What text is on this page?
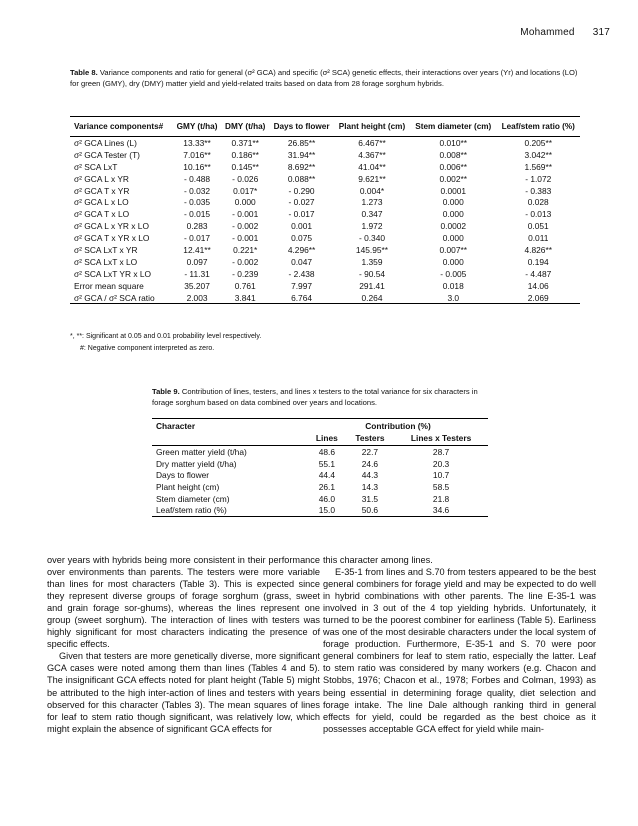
Mohammed 317
Table 8. Variance components and ratio for general (σ² GCA) and specific (σ² SCA) genetic effects, their interactions over years (Yr) and locations (LO) for green (GMY), dry (DMY) matter yield and yield-related traits based on data from 28 forage sorghum hybrids.
Variance components#	GMY (t/ha)	DMY (t/ha)	Days to flower	Plant height (cm)	Stem diameter (cm)	Leaf/stem ratio (%)
σ² GCA Lines (L)	13.33**	0.371**	26.85**	6.467**	0.010**	0.205**
σ² GCA Tester (T)	7.016**	0.186**	31.94**	4.367**	0.008**	3.042**
σ² SCA LxT	10.16**	0.145**	8.692**	41.04**	0.006**	1.569**
σ² GCA L x YR	- 0.488	- 0.026	0.088**	9.621**	0.002**	- 1.072
σ² GCA T x YR	- 0.032	0.017*	- 0.290	0.004*	0.0001	- 0.383
σ² GCA L x LO	- 0.035	0.000	- 0.027	1.273	0.000	0.028
σ² GCA T x LO	- 0.015	- 0.001	- 0.017	0.347	0.000	- 0.013
σ² GCA L x YR x LO	0.283	- 0.002	0.001	1.972	0.0002	0.051
σ² GCA T x YR x LO	- 0.017	- 0.001	0.075	- 0.340	0.000	0.011
σ² SCA LxT x YR	12.41**	0.221*	4.296**	145.95**	0.007**	4.826**
σ² SCA LxT x LO	0.097	- 0.002	0.047	1.359	0.000	0.194
σ² SCA LxT YR x LO	- 11.31	- 0.239	- 2.438	- 90.54	- 0.005	- 4.487
Error mean square	35.207	0.761	7.997	291.41	0.018	14.06
σ² GCA / σ² SCA ratio	2.003	3.841	6.764	0.264	3.0	2.069
*, **: Significant at 0.05 and 0.01 probability level respectively.
#: Negative component interpreted as zero.
Table 9. Contribution of lines, testers, and lines x testers to the total variance for six characters in forage sorghum based on data combined over years and locations.
Character	Contribution (%)		
	Lines	Testers	Lines x Testers
Green matter yield (t/ha)	48.6	22.7	28.7
Dry matter yield (t/ha)	55.1	24.6	20.3
Days to flower	44.4	44.3	10.7
Plant height (cm)	26.1	14.3	58.5
Stem diameter (cm)	46.0	31.5	21.8
Leaf/stem ratio (%)	15.0	50.6	34.6

over years with hybrids being more consistent in their performance over environments than parents. The testers were more variable than lines for most characters (Table 3). This is expected since they represent diverse groups of forage sorghum (grass, sweet and grain forage sor-ghums), whereas the lines represent one group (sweet sorghum). The interaction of lines with testers was highly significant for most characters indicating the presence of specific effects.

Given that testers are more genetically diverse, more significant GCA cases were noted among them than lines (Tables 4 and 5). The insignificant GCA effects noted for plant height (Table 5) might be attributed to the high inter-action of lines and testers with years observed for this character (Tables 3). The mean squares of lines for leaf to stem ratio though significant, was relatively low, which might explain the absence of significant GCA effects for

this character among lines.

E-35-1 from lines and S.70 from testers appeared to be the best general combiners for forage yield and may be expected to do well in hybrid combinations with other parents. The line E-35-1 was involved in 3 out of the 4 top yielding hybrids. Unfortunately, it turned to be the poorest combiner for earliness (Table 5). Earliness was one of the most desirable characters under the local system of forage production. Furthermore, E-35-1 and S. 70 were poor general combiners for leaf to stem ratio, especially the latter. Leaf to stem ratio was considered by many workers (e.g. Chacon and Stobbs, 1976; Chacon et al., 1978; Forbes and Colman, 1993) as being essential in determining forage quality, diet selection and forage intake. The line Dale although ranking third in general effects for yield, could be regarded as the best choice as it possesses acceptable GCA effect for yield while main-
